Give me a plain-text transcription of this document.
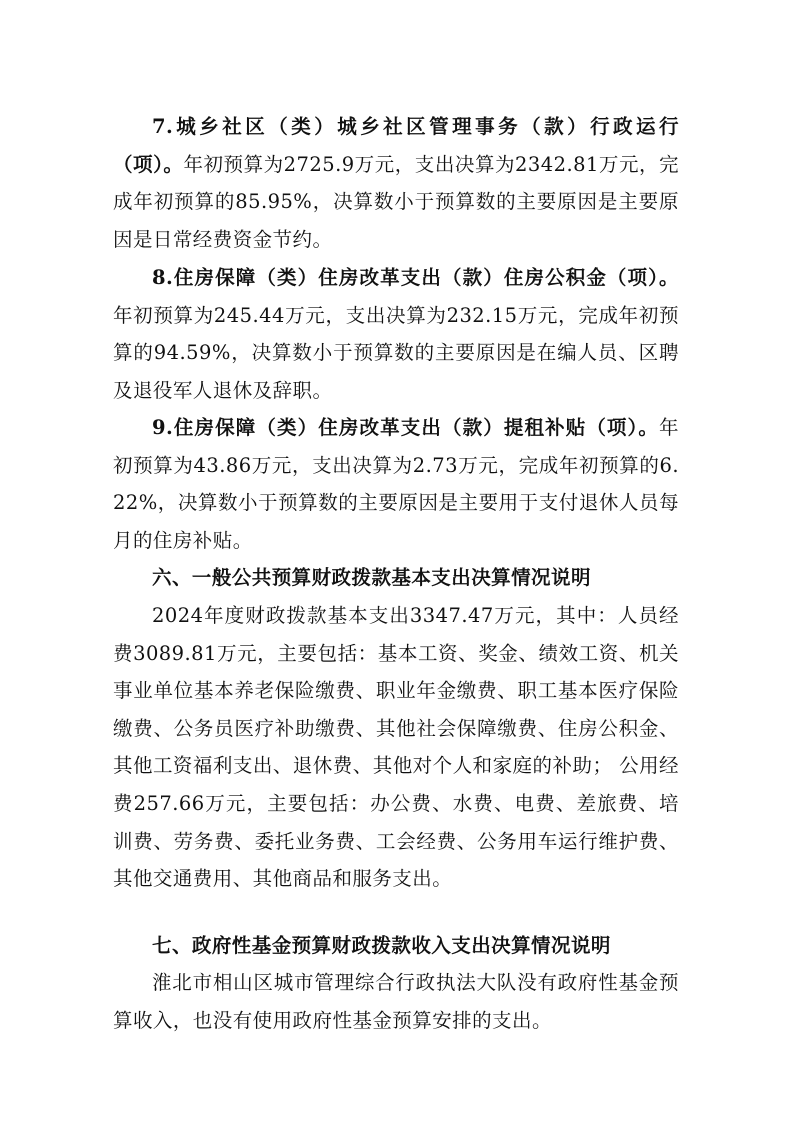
7.城乡社区（类）城乡社区管理事务（款）行政运行（项）。年初预算为2725.9万元，支出决算为2342.81万元，完成年初预算的85.95%，决算数小于预算数的主要原因是主要原因是日常经费资金节约。

8.住房保障（类）住房改革支出（款）住房公积金（项）。年初预算为245.44万元，支出决算为232.15万元，完成年初预算的94.59%，决算数小于预算数的主要原因是在编人员、区聘及退役军人退休及辞职。

9.住房保障（类）住房改革支出（款）提租补贴（项）。年初预算为43.86万元，支出决算为2.73万元，完成年初预算的6.22%，决算数小于预算数的主要原因是主要用于支付退休人员每月的住房补贴。

六、一般公共预算财政拨款基本支出决算情况说明

2024年度财政拨款基本支出3347.47万元，其中：人员经费3089.81万元，主要包括：基本工资、奖金、绩效工资、机关事业单位基本养老保险缴费、职业年金缴费、职工基本医疗保险缴费、公务员医疗补助缴费、其他社会保障缴费、住房公积金、其他工资福利支出、退休费、其他对个人和家庭的补助； 公用经费257.66万元，主要包括：办公费、水费、电费、差旅费、培训费、劳务费、委托业务费、工会经费、公务用车运行维护费、其他交通费用、其他商品和服务支出。

七、政府性基金预算财政拨款收入支出决算情况说明

淮北市相山区城市管理综合行政执法大队没有政府性基金预算收入，也没有使用政府性基金预算安排的支出。
